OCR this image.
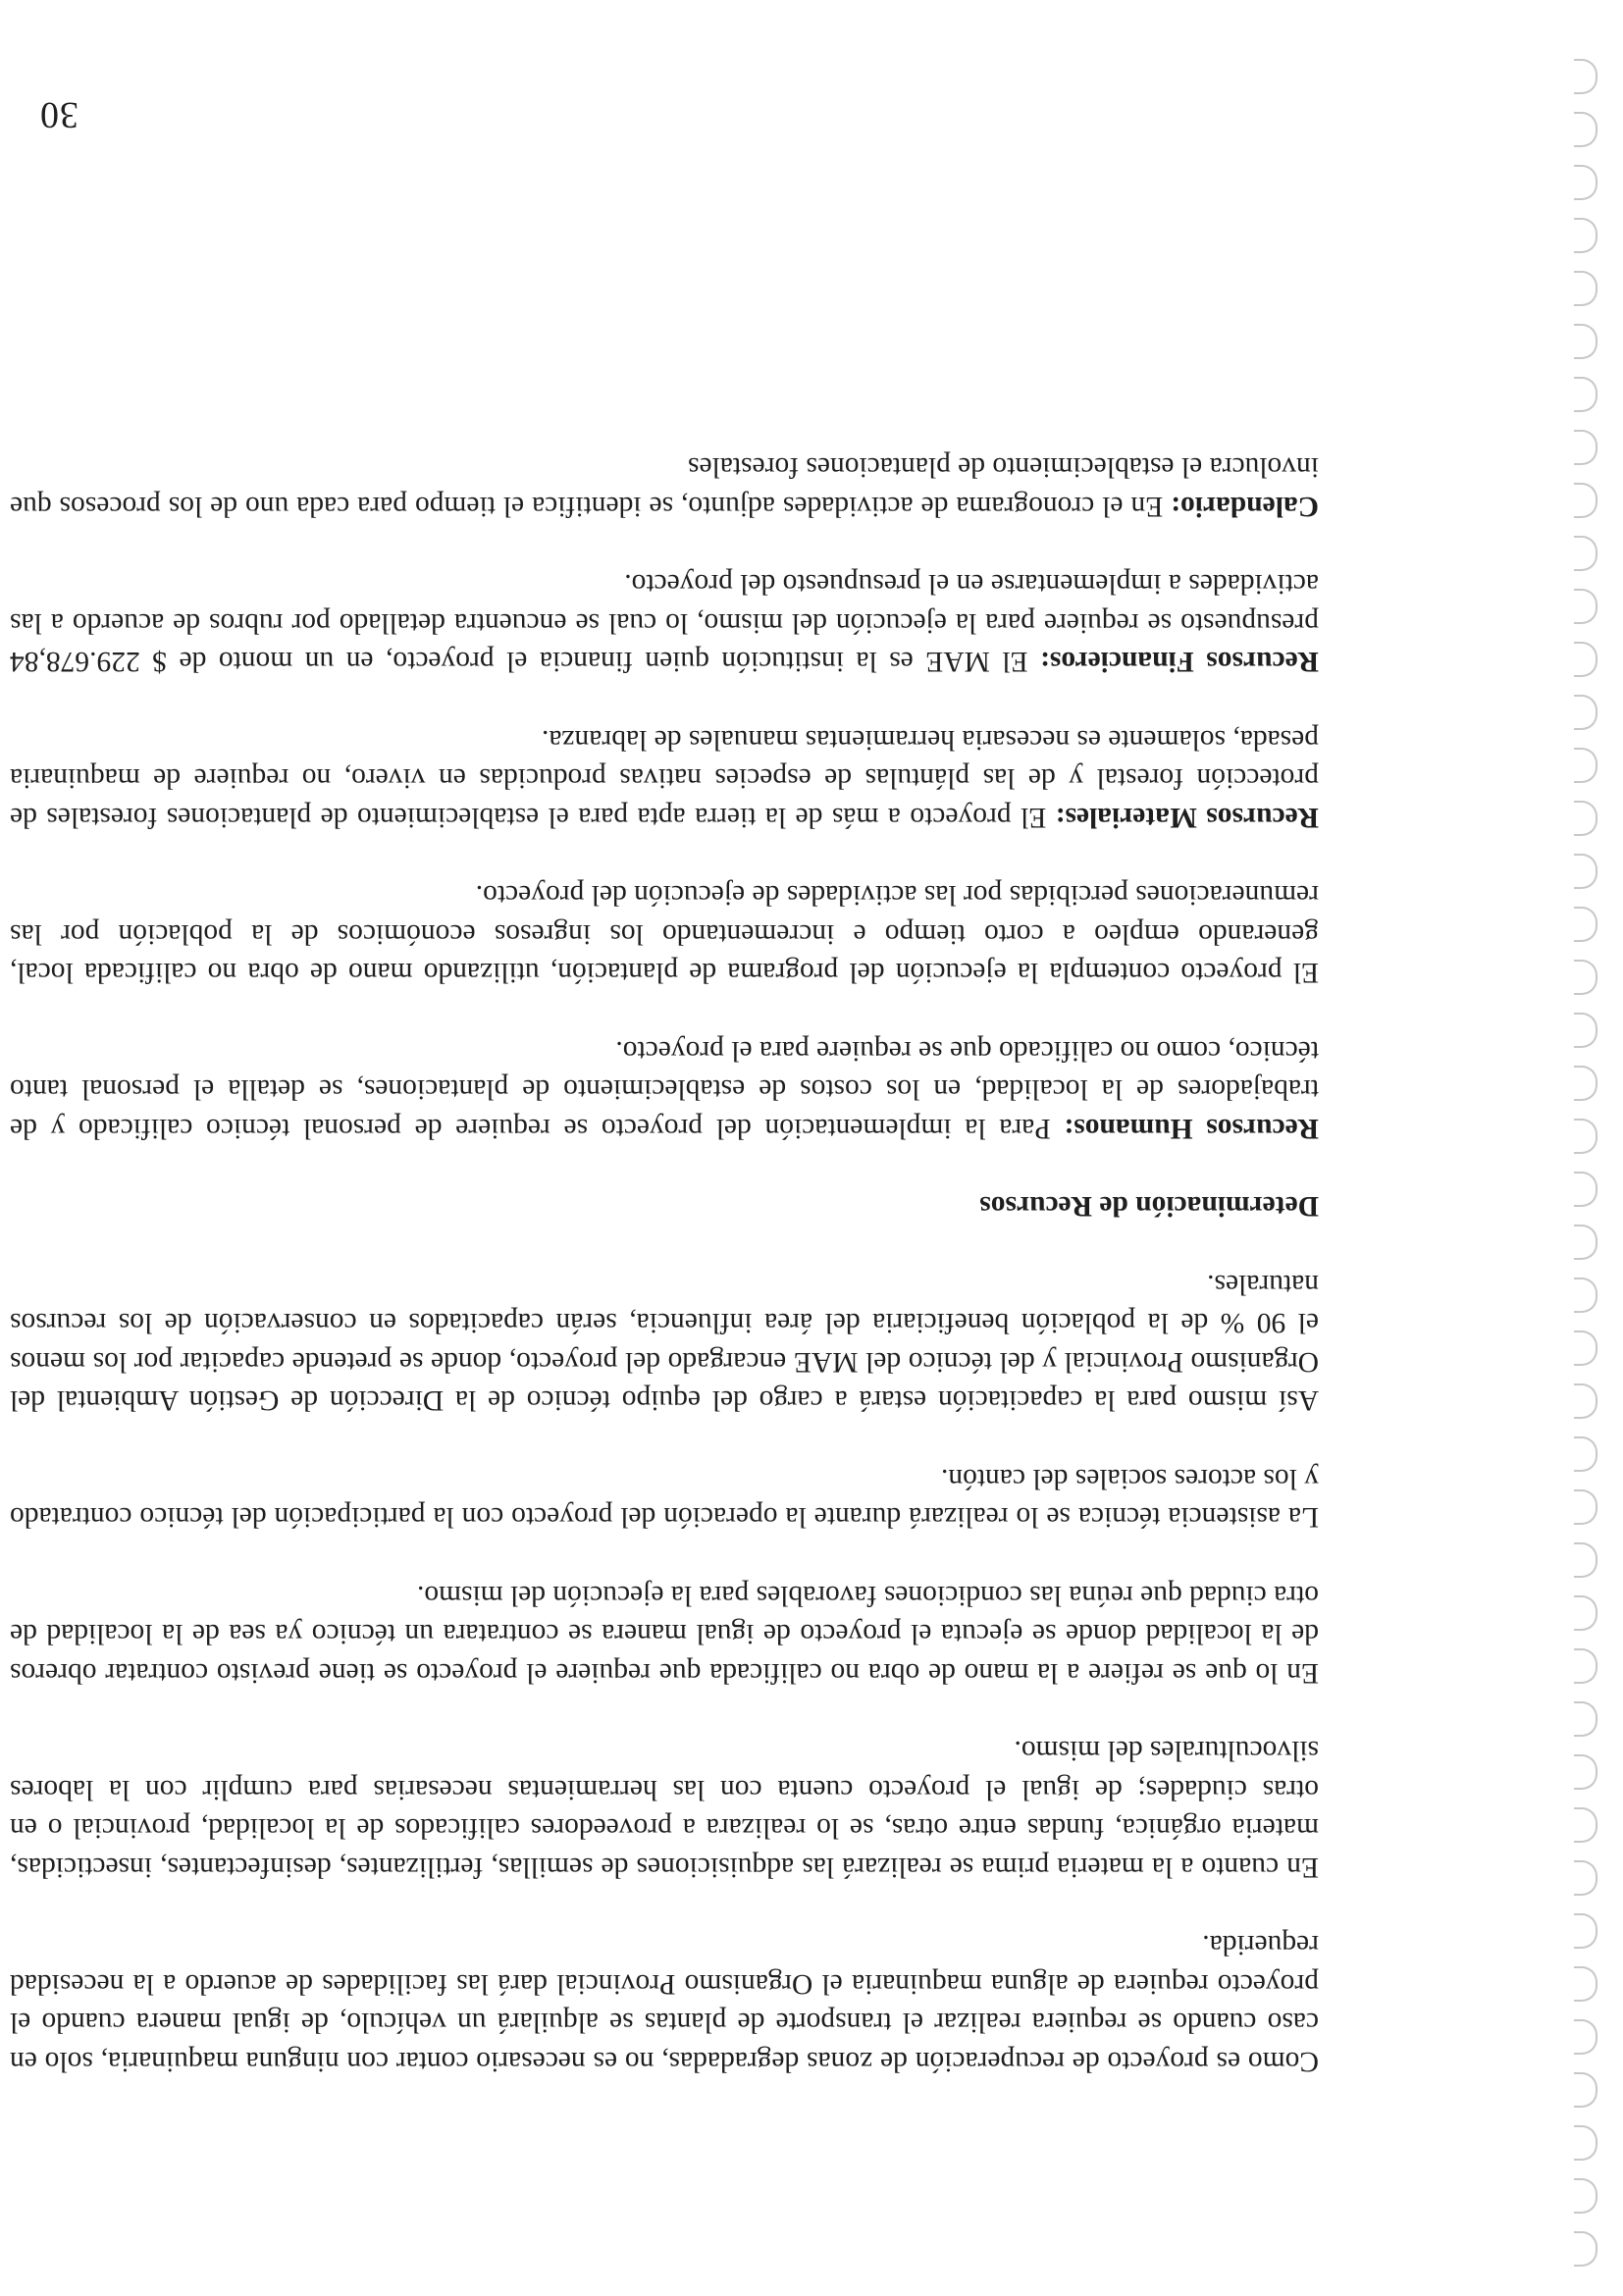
Como es proyecto de recuperación de zonas degradadas, no es necesario contar con ninguna maquinaria, solo en caso cuando se requiera realizar el transporte de plantas se alquilará un vehículo, de igual manera cuando el proyecto requiera de alguna maquinaria el Organismo Provincial dará las facilidades de acuerdo a la necesidad requerida.

En cuanto a la materia prima se realizará las adquisiciones de semillas, fertilizantes, desinfectantes, insecticidas, materia orgánica, fundas entre otras, se lo realizara a proveedores calificados de la localidad, provincial o en otras ciudades; de igual el proyecto cuenta con las herramientas necesarias para cumplir con la labores silvoculturales del mismo.

En lo que se refiere a la mano de obra no calificada que requiere el proyecto se tiene previsto contratar obreros de la localidad donde se ejecuta el proyecto de igual manera se contratara un técnico ya sea de la localidad de otra ciudad que reúna las condiciones favorables para la ejecución del mismo.

La asistencia técnica se lo realizará durante la operación del proyecto con la participación del técnico contratado y los actores sociales del cantón.

Así mismo para la capacitación estará a cargo del equipo técnico de la Dirección de Gestión Ambiental del Organismo Provincial y del técnico del MAE encargado del proyecto, donde se pretende capacitar por los menos el 90 % de la población beneficiaria del área influencia, serán capacitados en conservación de los recursos naturales.

Determinación de Recursos

Recursos Humanos: Para la implementación del proyecto se requiere de personal técnico calificado y de trabajadores de la localidad, en los costos de establecimiento de plantaciones, se detalla el personal tanto técnico, como no calificado que se requiere para el proyecto.

El proyecto contempla la ejecución del programa de plantación, utilizando mano de obra no calificada local, generando empleo a corto tiempo e incrementando los ingresos económicos de la población por las remuneraciones percibidas por las actividades de ejecución del proyecto.

Recursos Materiales: El proyecto a más de la tierra apta para el establecimiento de plantaciones forestales de protección forestal y de las plántulas de especies nativas producidas en vivero, no requiere de maquinaria pesada, solamente es necesaria herramientas manuales de labranza.

Recursos Financieros: El MAE es la institución quien financia el proyecto, en un monto de $ 229.678,84 presupuesto se requiere para la ejecución del mismo, lo cual se encuentra detallado por rubros de acuerdo a las actividades a implementarse en el presupuesto del proyecto.

Calendario: En el cronograma de actividades adjunto, se identifica el tiempo para cada uno de los procesos que involucra el establecimiento de plantaciones forestales

30
